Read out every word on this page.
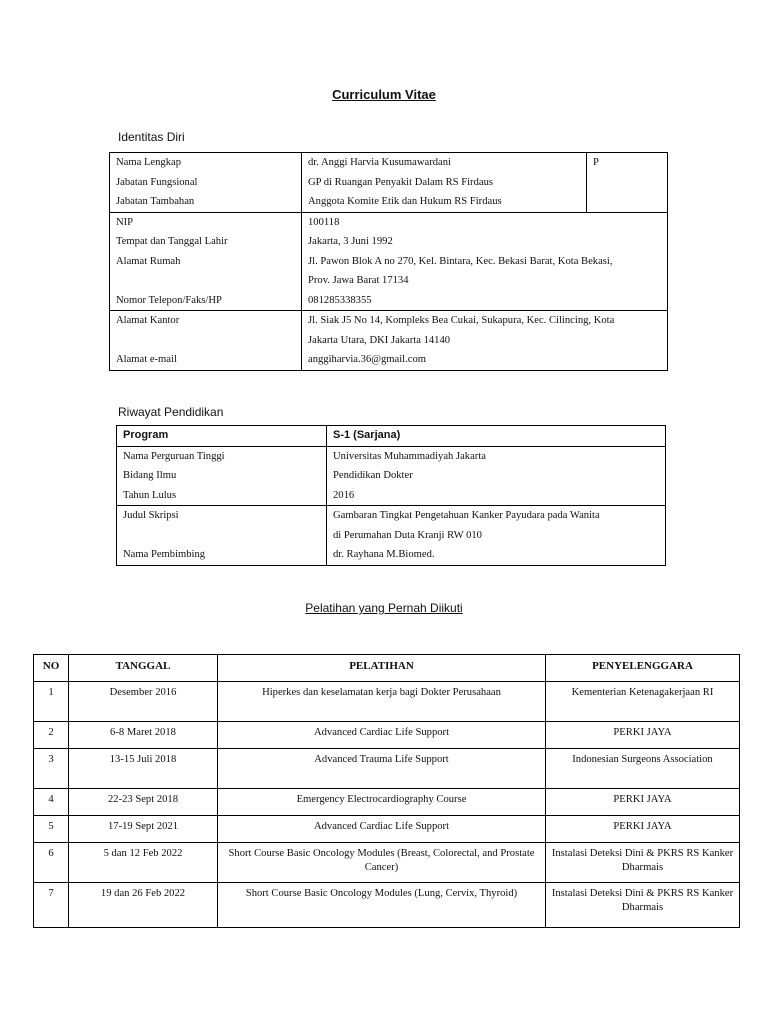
Curriculum Vitae
Identitas Diri
Nama Lengkap	dr. Anggi Harvia Kusumawardani	P
Jabatan Fungsional	GP di Ruangan Penyakit Dalam RS Firdaus	
Jabatan Tambahan	Anggota Komite Etik dan Hukum RS Firdaus	
NIP	100118	
Tempat dan Tanggal Lahir	Jakarta, 3 Juni 1992	
Alamat Rumah	Jl. Pawon Blok A no 270, Kel. Bintara, Kec. Bekasi Barat, Kota Bekasi,	
	Prov. Jawa Barat 17134	
Nomor Telepon/Faks/HP	081285338355	
Alamat Kantor	Jl. Siak J5 No 14, Kompleks Bea Cukai, Sukapura, Kec. Cilincing, Kota	
	Jakarta Utara, DKI Jakarta 14140	
Alamat e-mail	anggiharvia.36@gmail.com	
Riwayat Pendidikan
Program	S-1 (Sarjana)
Nama Perguruan Tinggi	Universitas Muhammadiyah Jakarta
Bidang Ilmu	Pendidikan Dokter
Tahun Lulus	2016
Judul Skripsi	Gambaran Tingkat Pengetahuan Kanker Payudara pada Wanita
	di Perumahan Duta Kranji RW 010
Nama Pembimbing	dr. Rayhana M.Biomed.
Pelatihan yang Pernah Diikuti
NO	TANGGAL	PELATIHAN	PENYELENGGARA
1	Desember 2016	Hiperkes dan keselamatan kerja bagi Dokter Perusahaan	Kementerian Ketenagakerjaan RI
2	6-8 Maret 2018	Advanced Cardiac Life Support	PERKI JAYA
3	13-15 Juli 2018	Advanced Trauma Life Support	Indonesian Surgeons Association
4	22-23 Sept 2018	Emergency Electrocardiography Course	PERKI JAYA
5	17-19 Sept 2021	Advanced Cardiac Life Support	PERKI JAYA
6	5 dan 12 Feb 2022	Short Course Basic Oncology Modules (Breast, Colorectal, and Prostate Cancer)	Instalasi Deteksi Dini & PKRS RS Kanker Dharmais
7	19 dan 26 Feb 2022	Short Course Basic Oncology Modules (Lung, Cervix, Thyroid)	Instalasi Deteksi Dini & PKRS RS Kanker Dharmais
